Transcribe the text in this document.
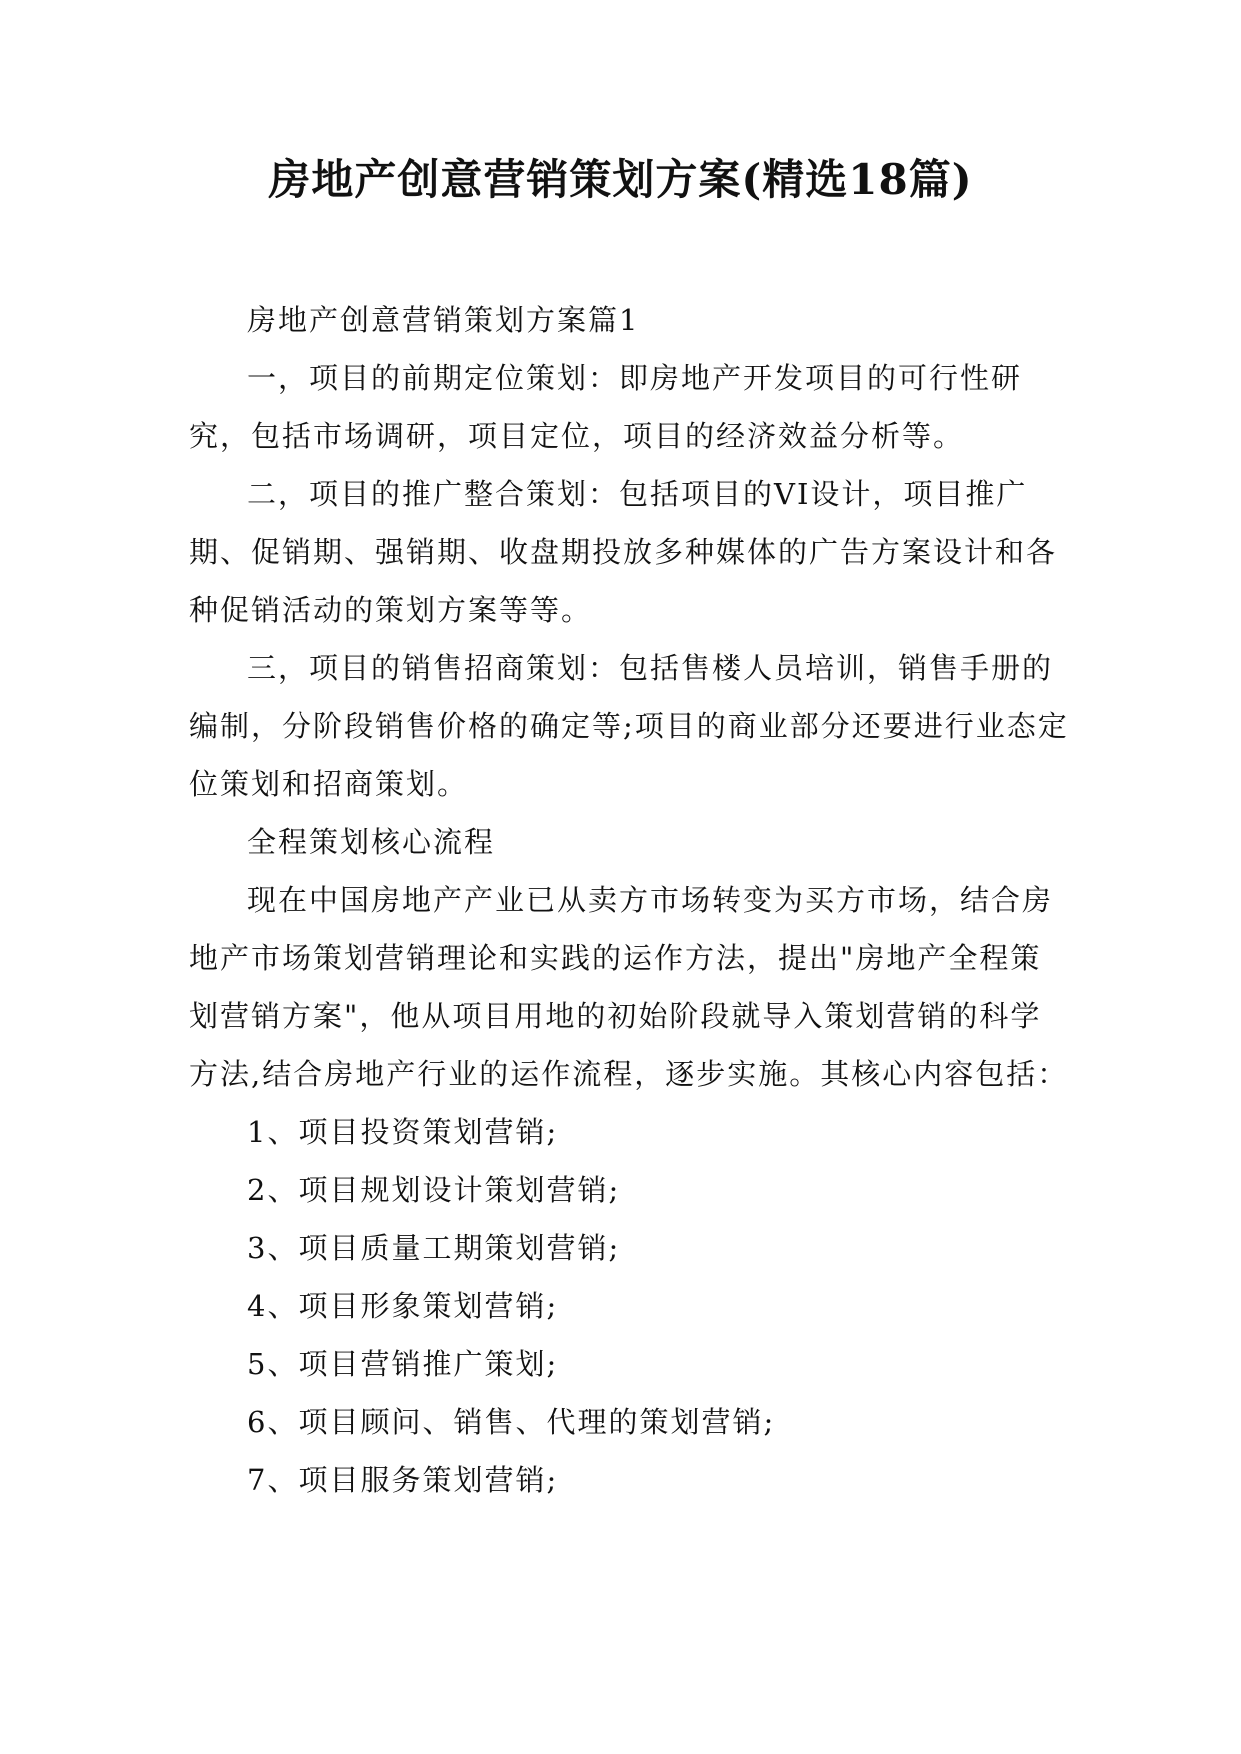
房地产创意营销策划方案(精选18篇)

房地产创意营销策划方案篇1

一，项目的前期定位策划：即房地产开发项目的可行性研究，包括市场调研，项目定位，项目的经济效益分析等。

二，项目的推广整合策划：包括项目的VI设计，项目推广期、促销期、强销期、收盘期投放多种媒体的广告方案设计和各种促销活动的策划方案等等。

三，项目的销售招商策划：包括售楼人员培训，销售手册的编制，分阶段销售价格的确定等;项目的商业部分还要进行业态定位策划和招商策划。

全程策划核心流程

现在中国房地产产业已从卖方市场转变为买方市场，结合房地产市场策划营销理论和实践的运作方法，提出"房地产全程策划营销方案"，他从项目用地的初始阶段就导入策划营销的科学方法,结合房地产行业的运作流程，逐步实施。其核心内容包括：

1、项目投资策划营销;

2、项目规划设计策划营销;

3、项目质量工期策划营销;

4、项目形象策划营销;

5、项目营销推广策划;

6、项目顾问、销售、代理的策划营销;

7、项目服务策划营销;
